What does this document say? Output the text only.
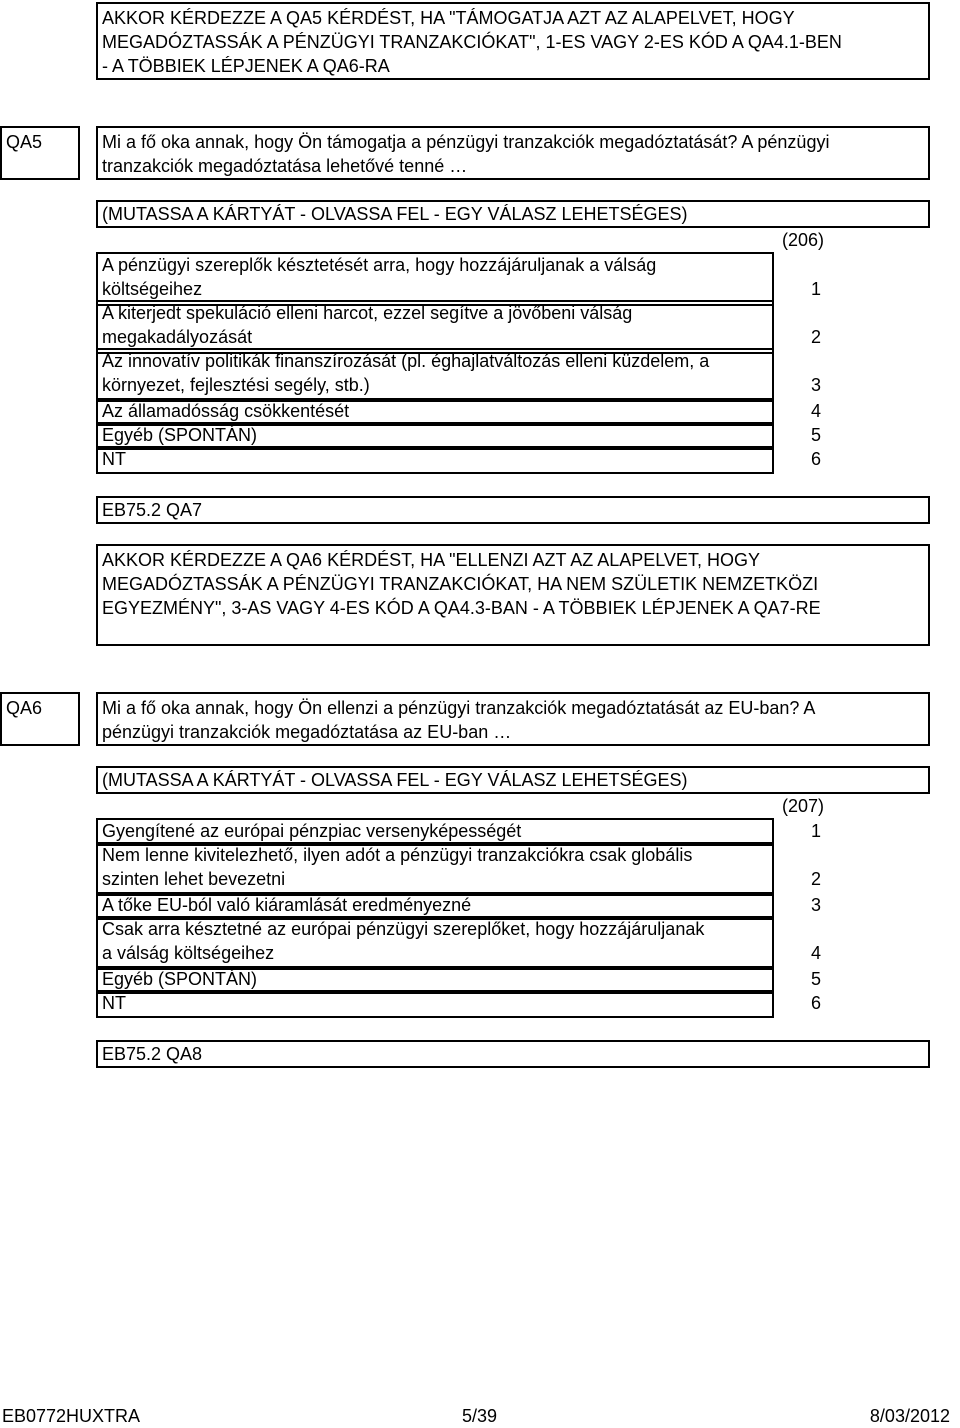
AKKOR KÉRDEZZE A QA5 KÉRDÉST, HA "TÁMOGATJA AZT AZ ALAPELVET, HOGY
MEGADÓZTASSÁK A PÉNZÜGYI TRANZAKCIÓKAT", 1-ES VAGY 2-ES KÓD A QA4.1-BEN
- A TÖBBIEK LÉPJENEK A QA6-RA
QA5	Mi a fő oka annak, hogy Ön támogatja a pénzügyi tranzakciók megadóztatását? A pénzügyi
tranzakciók megadóztatása lehetővé tenné …
(MUTASSA A KÁRTYÁT - OLVASSA FEL - EGY VÁLASZ LEHETSÉGES)
(206)
A pénzügyi szereplők késztetését arra, hogy hozzájáruljanak a válság
költségeihez	1
A kiterjedt spekuláció elleni harcot, ezzel segítve a jövőbeni válság
megakadályozását	2
Az innovatív politikák finanszírozását (pl. éghajlatváltozás elleni küzdelem, a
környezet, fejlesztési segély, stb.)	3
Az államadósság csökkentését	4
Egyéb (SPONTÁN)	5
NT	6
EB75.2 QA7
AKKOR KÉRDEZZE A QA6 KÉRDÉST, HA "ELLENZI AZT AZ ALAPELVET, HOGY
MEGADÓZTASSÁK A PÉNZÜGYI TRANZAKCIÓKAT, HA NEM SZÜLETIK NEMZETKÖZI
EGYEZMÉNY", 3-AS VAGY 4-ES KÓD A QA4.3-BAN - A TÖBBIEK LÉPJENEK A QA7-RE
QA6	Mi a fő oka annak, hogy Ön ellenzi a pénzügyi tranzakciók megadóztatását az EU-ban? A
pénzügyi tranzakciók megadóztatása az EU-ban …
(MUTASSA A KÁRTYÁT - OLVASSA FEL - EGY VÁLASZ LEHETSÉGES)
(207)
Gyengítené az európai pénzpiac versenyképességét	1
Nem lenne kivitelezhető, ilyen adót a pénzügyi tranzakciókra csak globális
szinten lehet bevezetni	2
A tőke EU-ból való kiáramlását eredményezné	3
Csak arra késztetné az európai pénzügyi szereplőket, hogy hozzájáruljanak
a válság költségeihez	4
Egyéb (SPONTÁN)	5
NT	6
EB75.2 QA8
EB0772HUXTRA	5/39	8/03/2012
